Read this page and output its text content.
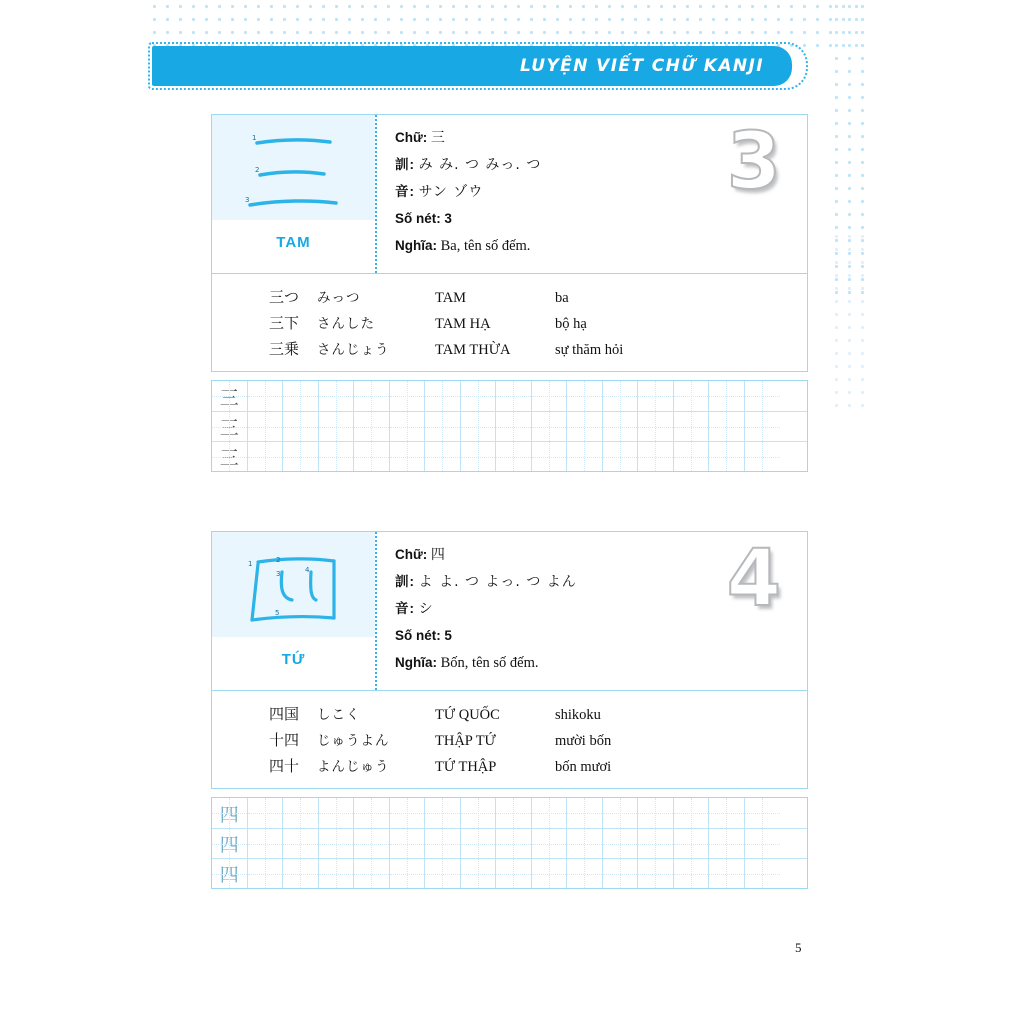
LUYỆN VIẾT CHỮ KANJI
1
2
3
TAM
Chữ: 三
訓: み み. つ みっ. つ
音: サン ゾウ
Số nét: 3
Nghĩa: Ba, tên số đếm.
3
三つ	みっつ	TAM	ba
三下	さんした	TAM HẠ	bộ hạ
三乗	さんじょう	TAM THỪA	sự thăm hỏi
三
三
三
1	2
3	4
5
TỨ
Chữ: 四
訓: よ よ. つ よっ. つ よん
音: シ
Số nét: 5
Nghĩa: Bốn, tên số đếm.
4
四国	しこく	TỨ QUỐC	shikoku
十四	じゅうよん	THẬP TỨ	mười bốn
四十	よんじゅう	TỨ THẬP	bốn mươi
四
四
四
5
